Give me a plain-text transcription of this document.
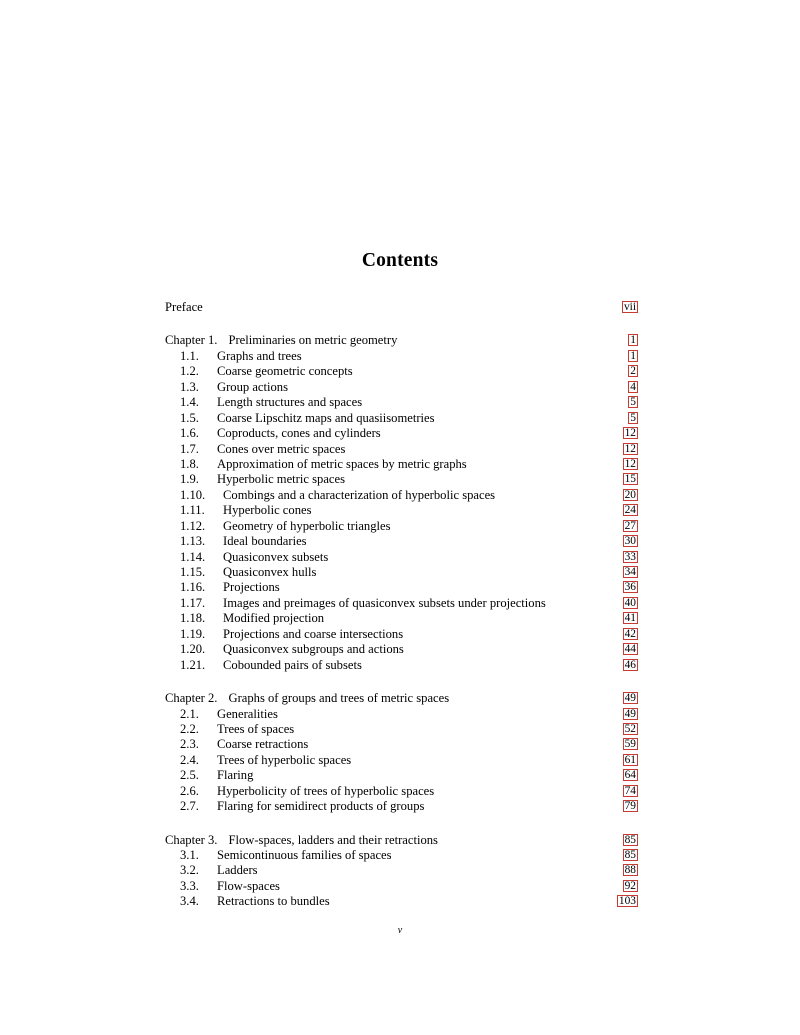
Contents
Preface	vii
Chapter 1. Preliminaries on metric geometry	1
1.1. Graphs and trees	1
1.2. Coarse geometric concepts	2
1.3. Group actions	4
1.4. Length structures and spaces	5
1.5. Coarse Lipschitz maps and quasiisometries	5
1.6. Coproducts, cones and cylinders	12
1.7. Cones over metric spaces	12
1.8. Approximation of metric spaces by metric graphs	12
1.9. Hyperbolic metric spaces	15
1.10. Combings and a characterization of hyperbolic spaces	20
1.11. Hyperbolic cones	24
1.12. Geometry of hyperbolic triangles	27
1.13. Ideal boundaries	30
1.14. Quasiconvex subsets	33
1.15. Quasiconvex hulls	34
1.16. Projections	36
1.17. Images and preimages of quasiconvex subsets under projections	40
1.18. Modified projection	41
1.19. Projections and coarse intersections	42
1.20. Quasiconvex subgroups and actions	44
1.21. Cobounded pairs of subsets	46
Chapter 2. Graphs of groups and trees of metric spaces	49
2.1. Generalities	49
2.2. Trees of spaces	52
2.3. Coarse retractions	59
2.4. Trees of hyperbolic spaces	61
2.5. Flaring	64
2.6. Hyperbolicity of trees of hyperbolic spaces	74
2.7. Flaring for semidirect products of groups	79
Chapter 3. Flow-spaces, ladders and their retractions	85
3.1. Semicontinuous families of spaces	85
3.2. Ladders	88
3.3. Flow-spaces	92
3.4. Retractions to bundles	103
v
